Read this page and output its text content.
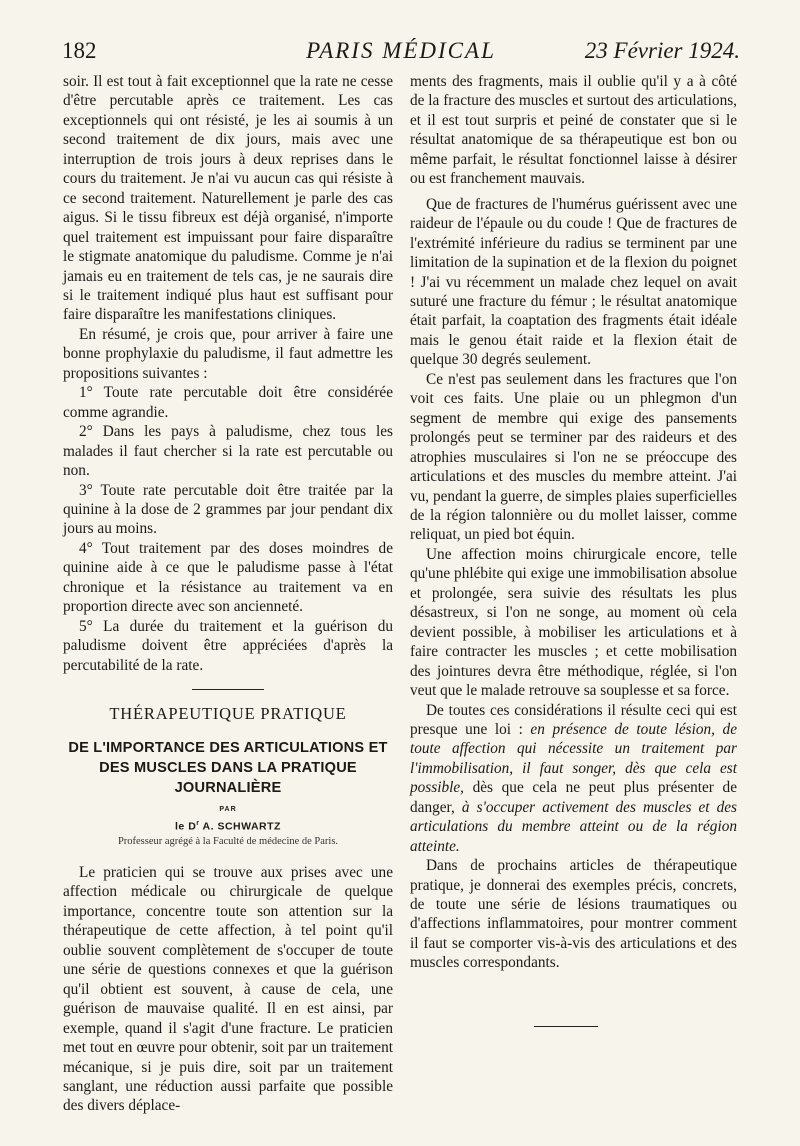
182	PARIS MÉDICAL	23 Février 1924.

soir. Il est tout à fait exceptionnel que la rate ne cesse d'être percutable après ce traitement. Les cas exceptionnels qui ont résisté, je les ai soumis à un second traitement de dix jours, mais avec une interruption de trois jours à deux reprises dans le cours du traitement. Je n'ai vu aucun cas qui résiste à ce second traitement. Naturellement je parle des cas aigus. Si le tissu fibreux est déjà organisé, n'importe quel traitement est impuissant pour faire disparaître le stigmate anatomique du paludisme. Comme je n'ai jamais eu en traitement de tels cas, je ne saurais dire si le traitement indiqué plus haut est suffisant pour faire disparaître les manifestations cliniques.

En résumé, je crois que, pour arriver à faire une bonne prophylaxie du paludisme, il faut admettre les propositions suivantes :

1° Toute rate percutable doit être considérée comme agrandie.

2° Dans les pays à paludisme, chez tous les malades il faut chercher si la rate est percutable ou non.

3° Toute rate percutable doit être traitée par la quinine à la dose de 2 grammes par jour pendant dix jours au moins.

4° Tout traitement par des doses moindres de quinine aide à ce que le paludisme passe à l'état chronique et la résistance au traitement va en proportion directe avec son ancienneté.

5° La durée du traitement et la guérison du paludisme doivent être appréciées d'après la percutabilité de la rate.

THÉRAPEUTIQUE PRATIQUE
DE L'IMPORTANCE DES ARTICULATIONS ET DES MUSCLES DANS LA PRATIQUE JOURNALIÈRE
PAR
le $D^r$ A. SCHWARTZ
Professeur agrégé à la Faculté de médecine de Paris.

Le praticien qui se trouve aux prises avec une affection médicale ou chirurgicale de quelque importance, concentre toute son attention sur la thérapeutique de cette affection, à tel point qu'il oublie souvent complètement de s'occuper de toute une série de questions connexes et que la guérison qu'il obtient est souvent, à cause de cela, une guérison de mauvaise qualité. Il en est ainsi, par exemple, quand il s'agit d'une fracture. Le praticien met tout en œuvre pour obtenir, soit par un traitement mécanique, si je puis dire, soit par un traitement sanglant, une réduction aussi parfaite que possible des divers déplace-

ments des fragments, mais il oublie qu'il y a à côté de la fracture des muscles et surtout des articulations, et il est tout surpris et peiné de constater que si le résultat anatomique de sa thérapeutique est bon ou même parfait, le résultat fonctionnel laisse à désirer ou est franchement mauvais.

Que de fractures de l'humérus guérissent avec une raideur de l'épaule ou du coude ! Que de fractures de l'extrémité inférieure du radius se terminent par une limitation de la supination et de la flexion du poignet ! J'ai vu récemment un malade chez lequel on avait suturé une fracture du fémur ; le résultat anatomique était parfait, la coaptation des fragments était idéale mais le genou était raide et la flexion était de quelque 30 degrés seulement.

Ce n'est pas seulement dans les fractures que l'on voit ces faits. Une plaie ou un phlegmon d'un segment de membre qui exige des pansements prolongés peut se terminer par des raideurs et des atrophies musculaires si l'on ne se préoccupe des articulations et des muscles du membre atteint. J'ai vu, pendant la guerre, de simples plaies superficielles de la région talonnière ou du mollet laisser, comme reliquat, un pied bot équin.

Une affection moins chirurgicale encore, telle qu'une phlébite qui exige une immobilisation absolue et prolongée, sera suivie des résultats les plus désastreux, si l'on ne songe, au moment où cela devient possible, à mobiliser les articulations et à faire contracter les muscles ; et cette mobilisation des jointures devra être méthodique, réglée, si l'on veut que le malade retrouve sa souplesse et sa force.

De toutes ces considérations il résulte ceci qui est presque une loi : en présence de toute lésion, de toute affection qui nécessite un traitement par l'immobilisation, il faut songer, dès que cela est possible, dès que cela ne peut plus présenter de danger, à s'occuper activement des muscles et des articulations du membre atteint ou de la région atteinte.

Dans de prochains articles de thérapeutique pratique, je donnerai des exemples précis, concrets, de toute une série de lésions traumatiques ou d'affections inflammatoires, pour montrer comment il faut se comporter vis-à-vis des articulations et des muscles correspondants.
